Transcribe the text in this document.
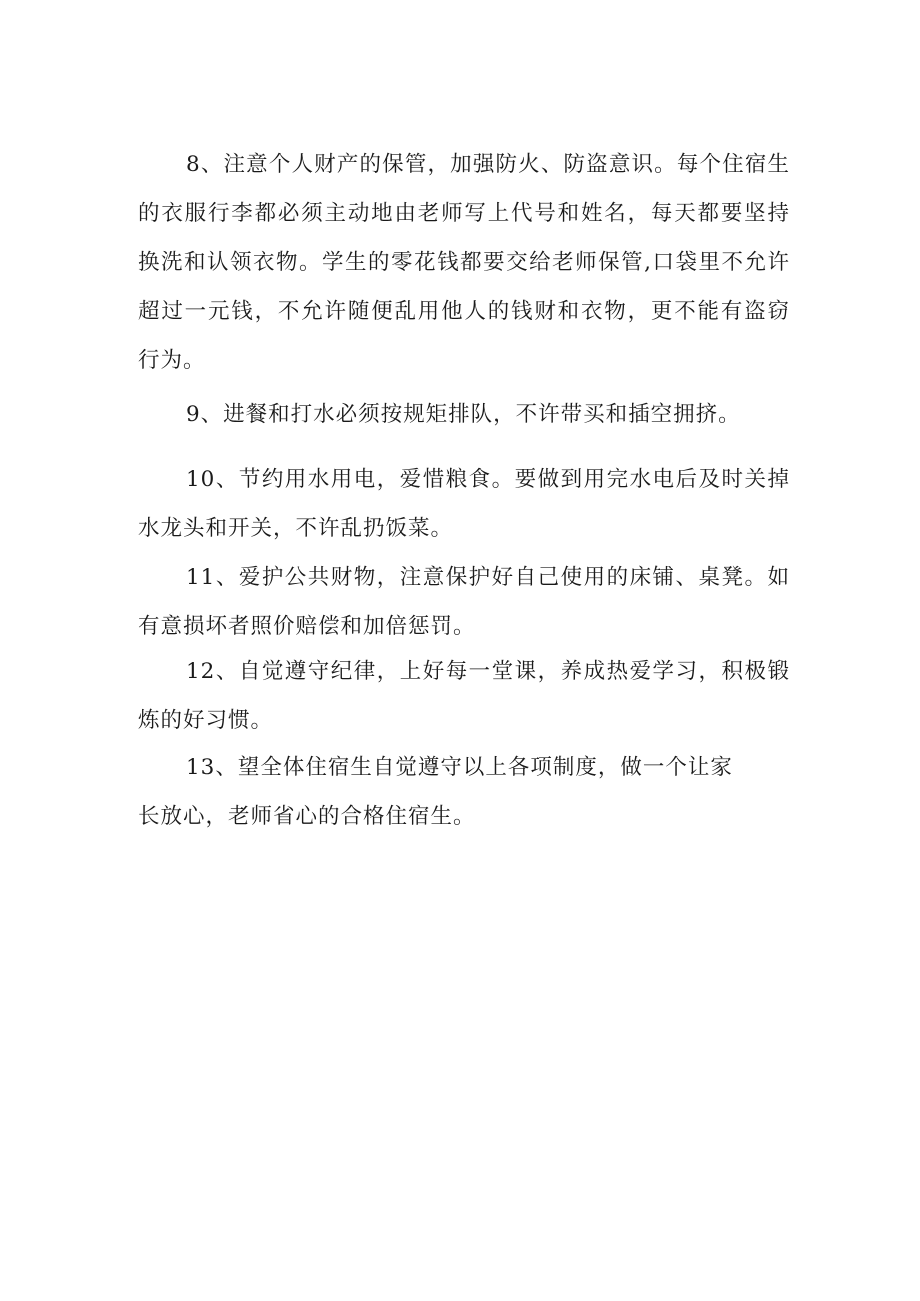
8、注意个人财产的保管，加强防火、防盗意识。每个住宿生的衣服行李都必须主动地由老师写上代号和姓名，每天都要坚持换洗和认领衣物。学生的零花钱都要交给老师保管,口袋里不允许超过一元钱，不允许随便乱用他人的钱财和衣物，更不能有盗窃行为。

9、进餐和打水必须按规矩排队，不许带买和插空拥挤。

10、节约用水用电，爱惜粮食。要做到用完水电后及时关掉水龙头和开关，不许乱扔饭菜。

11、爱护公共财物，注意保护好自己使用的床铺、桌凳。如有意损坏者照价赔偿和加倍惩罚。

12、自觉遵守纪律，上好每一堂课，养成热爱学习，积极锻炼的好习惯。

13、望全体住宿生自觉遵守以上各项制度，做一个让家
长放心，老师省心的合格住宿生。
